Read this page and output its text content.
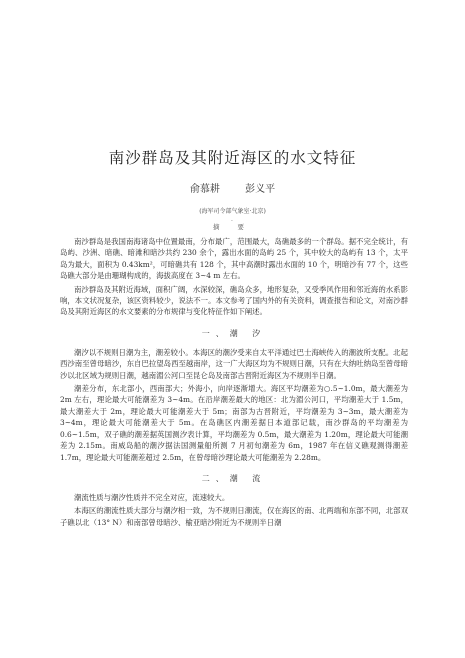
南沙群岛及其附近海区的水文特征
俞慕耕	彭义平
(海军司令部气象室·北京)
·
摘 要

南沙群岛是我国南海诸岛中位置最南，分布最广，范围最大，岛礁最多的一个群岛。据不完全统计，有岛屿、沙洲、暗礁、暗滩和暗沙共约 230 余个，露出水面的岛屿 25 个，其中较大的岛屿有 13 个，太平岛为最大，面积为 0.43km²，可暗礁共有 128 个，其中高潮时露出水面的 10 个，明暗沙有 77 个，这些岛礁大部分是由珊瑚构成的，海拔高度在 3~4 m 左右。

南沙群岛及其附近海域，面积广阔，水深较深，礁岛众多，地形复杂，又受季风作用和邻近海的水系影响，本文状况复杂，该区资料较少，说法不一。本文参考了国内外的有关资料，调查报告和论文，对南沙群岛及其附近海区的水文要素的分布规律与变化特征作如下阐述。

一、潮 汐

潮汐以不规则日潮为主，潮差较小。本海区的潮汐受来自太平洋通过巴士海峡传入的潮波所支配。北起西沙南至曾母暗沙，东自巴拉望岛西至越南岸，这一广大海区均为不规则日潮，只有在大纳吐纳岛至曾母暗沙以北区域为规则日潮，越南湄公河口至昆仑岛及南部古晋附近海区为不规则半日潮。

潮差分布，东北部小，西南部大；外海小，向岸逐渐增大。海区平均潮差为○.5~1.0m，最大潮差为 2m 左右，理论最大可能潮差为 3~4m。在沿岸潮差最大的地区：北为湄公河口，平均潮差大于 1.5m，最大潮差大于 2m，理论最大可能潮差大于 5m；南部为古晋附近，平均潮差为 3~3m，最大潮差为 3~4m，理论最大可能潮差大于 5m。在岛礁区内潮差据日本道部记载，南沙群岛的平均潮差为 0.6~1.5m，双子礁的潮差据英国测汐表计算，平均潮差为 0.5m，最大潮差为 1.20m，理论最大可能潮差为 2.15m。南威岛船的潮汐据法国测量船所测 7 月初旬潮差为 6m，1987 年在信义礁观测得潮差 1.7m，理论最大可能潮差超过 2.5m，在曾母暗沙理论最大可能潮差为 2.28m。

二、潮 流

潮流性质与潮汐性质并不完全对应，流速较大。

本海区的潮流性质大部分与潮汐相一致，为不规则日潮流，仅在海区的南、北两端和东部不同，北部双子礁以北（13° N）和南部曾母暗沙、榆亚暗沙附近为不规则半日潮
